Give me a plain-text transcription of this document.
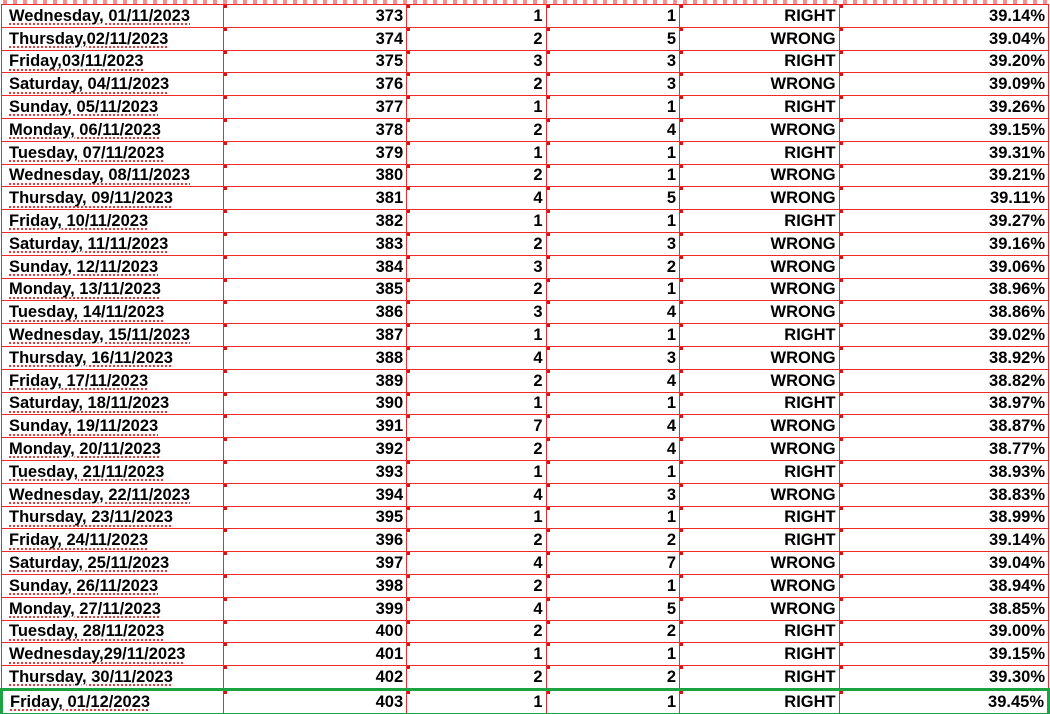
Wednesday, 01/11/2023	373	1	1	RIGHT	39.14%
Thursday,02/11/2023	374	2	5	WRONG	39.04%
Friday,03/11/2023	375	3	3	RIGHT	39.20%
Saturday, 04/11/2023	376	2	3	WRONG	39.09%
Sunday, 05/11/2023	377	1	1	RIGHT	39.26%
Monday, 06/11/2023	378	2	4	WRONG	39.15%
Tuesday, 07/11/2023	379	1	1	RIGHT	39.31%
Wednesday, 08/11/2023	380	2	1	WRONG	39.21%
Thursday, 09/11/2023	381	4	5	WRONG	39.11%
Friday, 10/11/2023	382	1	1	RIGHT	39.27%
Saturday, 11/11/2023	383	2	3	WRONG	39.16%
Sunday, 12/11/2023	384	3	2	WRONG	39.06%
Monday, 13/11/2023	385	2	1	WRONG	38.96%
Tuesday, 14/11/2023	386	3	4	WRONG	38.86%
Wednesday, 15/11/2023	387	1	1	RIGHT	39.02%
Thursday, 16/11/2023	388	4	3	WRONG	38.92%
Friday, 17/11/2023	389	2	4	WRONG	38.82%
Saturday, 18/11/2023	390	1	1	RIGHT	38.97%
Sunday, 19/11/2023	391	7	4	WRONG	38.87%
Monday, 20/11/2023	392	2	4	WRONG	38.77%
Tuesday, 21/11/2023	393	1	1	RIGHT	38.93%
Wednesday, 22/11/2023	394	4	3	WRONG	38.83%
Thursday, 23/11/2023	395	1	1	RIGHT	38.99%
Friday, 24/11/2023	396	2	2	RIGHT	39.14%
Saturday, 25/11/2023	397	4	7	WRONG	39.04%
Sunday, 26/11/2023	398	2	1	WRONG	38.94%
Monday, 27/11/2023	399	4	5	WRONG	38.85%
Tuesday, 28/11/2023	400	2	2	RIGHT	39.00%
Wednesday,29/11/2023	401	1	1	RIGHT	39.15%
Thursday, 30/11/2023	402	2	2	RIGHT	39.30%
Friday, 01/12/2023	403	1	1	RIGHT	39.45%
